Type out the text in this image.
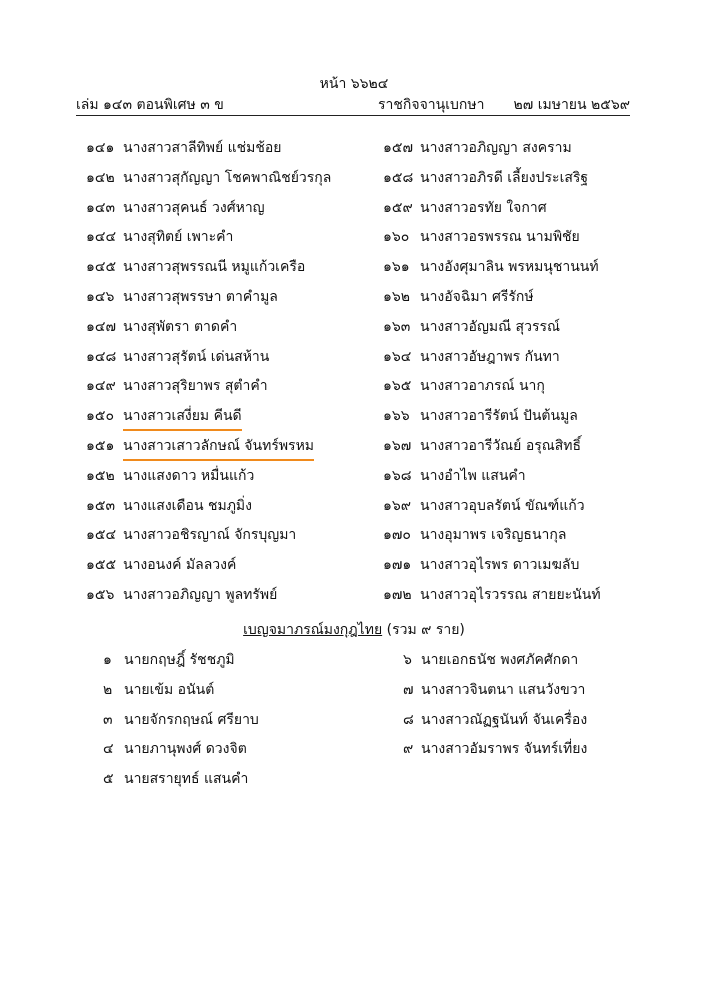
หน้า ๖๖๒๔
เล่ม ๑๔๓ ตอนพิเศษ ๓ ข	ราชกิจจานุเบกษา ๒๗ เมษายน ๒๕๖๙
๑๔๑ นางสาวสาลีทิพย์ แช่มช้อย
๑๔๒ นางสาวสุกัญญา โชคพาณิชย์วรกุล
๑๔๓ นางสาวสุคนธ์ วงศ์หาญ
๑๔๔ นางสุทิตย์ เพาะคำ
๑๔๕ นางสาวสุพรรณนี หมูแก้วเครือ
๑๔๖ นางสาวสุพรรษา ตาคำมูล
๑๔๗ นางสุพัตรา ตาดคำ
๑๔๘ นางสาวสุรัตน์ เด่นสห้าน
๑๔๙ นางสาวสุริยาพร สุตำคำ
๑๕๐ นางสาวเสงี่ยม คีนดี
๑๕๑ นางสาวเสาวลักษณ์ จันทร์พรหม
๑๕๒ นางแสงดาว หมื่นแก้ว
๑๕๓ นางแสงเดือน ชมภูมิ่ง
๑๕๔ นางสาวอชิรญาณ์ จักรบุญมา
๑๕๕ นางอนงค์ มัลลวงค์
๑๕๖ นางสาวอภิญญา พูลทรัพย์
๑๕๗ นางสาวอภิญญา สงคราม
๑๕๘ นางสาวอภิรดี เลี้ยงประเสริฐ
๑๕๙ นางสาวอรทัย ใจกาศ
๑๖๐ นางสาวอรพรรณ นามพิชัย
๑๖๑ นางอังศุมาลิน พรหมนุชานนท์
๑๖๒ นางอัจฉิมา ศรีรักษ์
๑๖๓ นางสาวอัญมณี สุวรรณ์
๑๖๔ นางสาวอัษฎาพร กันทา
๑๖๕ นางสาวอาภรณ์ นากุ
๑๖๖ นางสาวอารีรัตน์ ปันต้นมูล
๑๖๗ นางสาวอารีวัณย์ อรุณสิทธิ์
๑๖๘ นางอำไพ แสนคำ
๑๖๙ นางสาวอุบลรัตน์ ขัณฑ์แก้ว
๑๗๐ นางอุมาพร เจริญธนากุล
๑๗๑ นางสาวอุไรพร ดาวเมฆลับ
๑๗๒ นางสาวอุไรวรรณ สายยะนันท์
เบญจมาภรณ์มงกุฎไทย (รวม ๙ ราย)
๑ นายกฤษฎิ์ รัชชภูมิ
๒ นายเข้ม อนันต์
๓ นายจักรกฤษณ์ ศรียาบ
๔ นายภานุพงศ์ ดวงจิต
๕ นายสรายุทธ์ แสนคำ
๖ นายเอกธนัช พงศภัคศักดา
๗ นางสาวจินตนา แสนวังขวา
๘ นางสาวณัฏฐนันท์ จันเครื่อง
๙ นางสาวอัมราพร จันทร์เที่ยง
